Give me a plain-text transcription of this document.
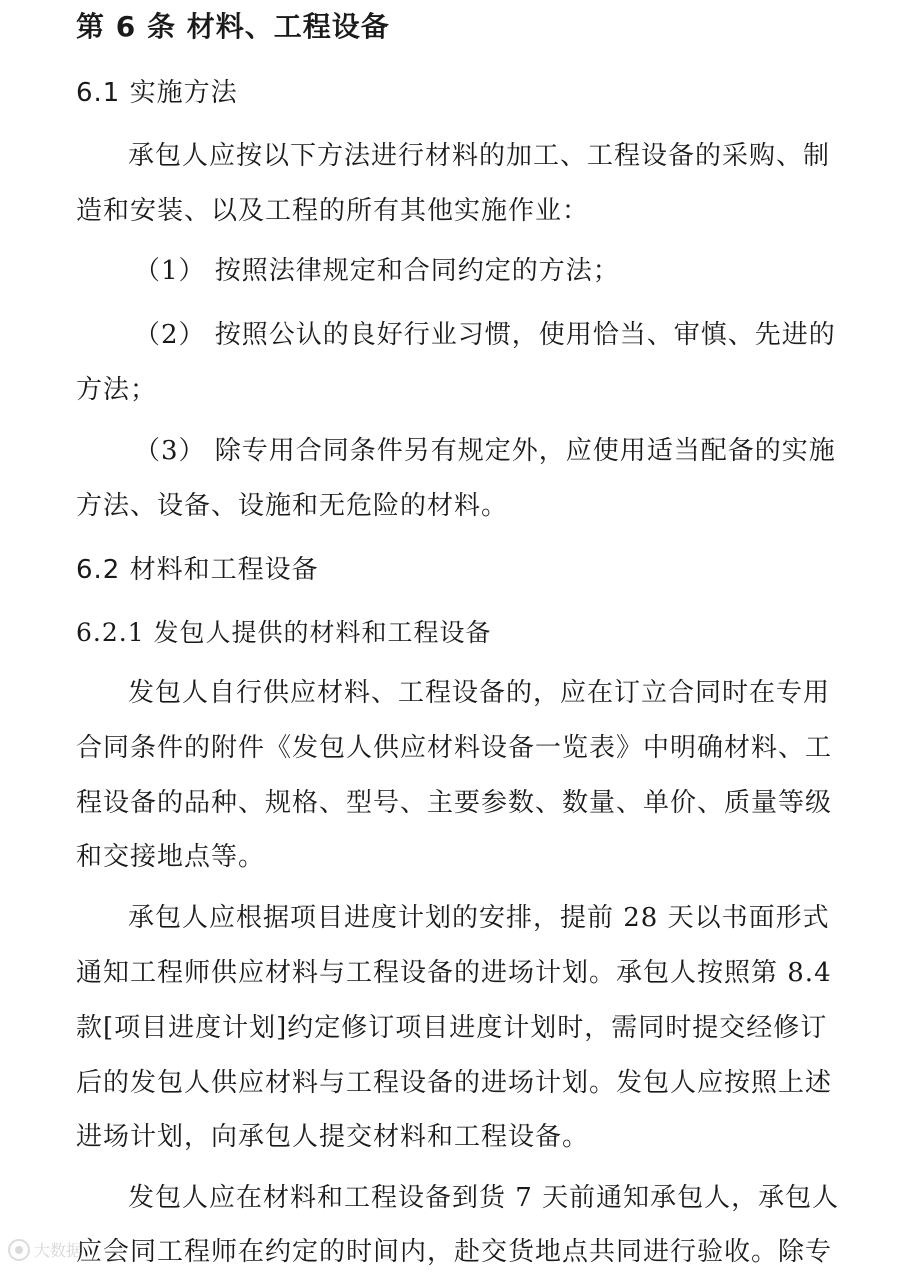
第 6 条 材料、工程设备
6.1 实施方法
承包人应按以下方法进行材料的加工、工程设备的采购、制
造和安装、以及工程的所有其他实施作业：
（1） 按照法律规定和合同约定的方法；
（2） 按照公认的良好行业习惯，使用恰当、审慎、先进的
方法；
（3） 除专用合同条件另有规定外，应使用适当配备的实施
方法、设备、设施和无危险的材料。
6.2 材料和工程设备
6.2.1 发包人提供的材料和工程设备
发包人自行供应材料、工程设备的，应在订立合同时在专用
合同条件的附件《发包人供应材料设备一览表》中明确材料、工
程设备的品种、规格、型号、主要参数、数量、单价、质量等级
和交接地点等。
承包人应根据项目进度计划的安排，提前 28 天以书面形式
通知工程师供应材料与工程设备的进场计划。承包人按照第 8.4
款[项目进度计划]约定修订项目进度计划时，需同时提交经修订
后的发包人供应材料与工程设备的进场计划。发包人应按照上述
进场计划，向承包人提交材料和工程设备。
发包人应在材料和工程设备到货 7 天前通知承包人，承包人
应会同工程师在约定的时间内，赴交货地点共同进行验收。除专
大数据
